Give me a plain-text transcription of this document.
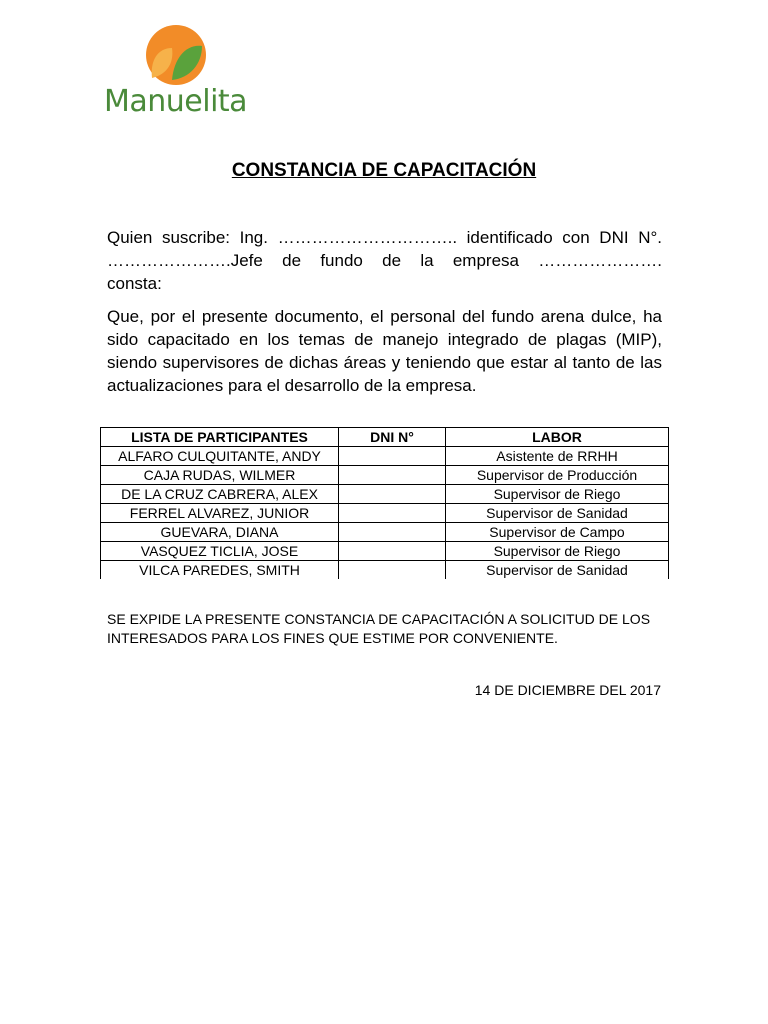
Manuelita
CONSTANCIA DE CAPACITACIÓN
Quien suscribe: Ing. ………………………….. identificado con DNI N°.
………………….Jefe de fundo de la empresa ………………….
consta:
Que, por el presente documento, el personal del fundo arena dulce, ha sido capacitado en los temas de manejo integrado de plagas (MIP), siendo supervisores de dichas áreas y teniendo que estar al tanto de las actualizaciones para el desarrollo de la empresa.
LISTA DE PARTICIPANTES	DNI N°	LABOR
ALFARO CULQUITANTE, ANDY		Asistente de RRHH
CAJA RUDAS, WILMER		Supervisor de Producción
DE LA CRUZ CABRERA, ALEX		Supervisor de Riego
FERREL ALVAREZ, JUNIOR		Supervisor de Sanidad
GUEVARA, DIANA		Supervisor de Campo
VASQUEZ TICLIA, JOSE		Supervisor de Riego
VILCA PAREDES, SMITH		Supervisor de Sanidad
SE EXPIDE LA PRESENTE CONSTANCIA DE CAPACITACIÓN A SOLICITUD DE LOS INTERESADOS PARA LOS FINES QUE ESTIME POR CONVENIENTE.
14 DE DICIEMBRE DEL 2017
